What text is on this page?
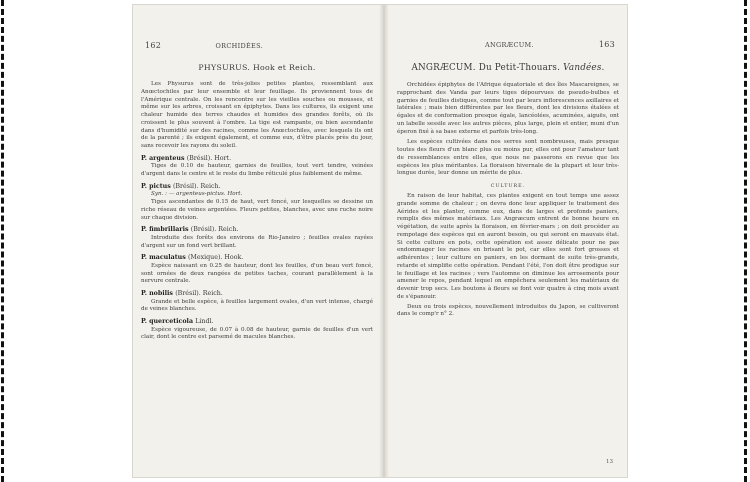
162	ORCHIDÉES.
PHYSURUS. Hook et Reich.

Les Physurus sont de très-jolies petites plantes, ressemblant aux Anœctochiles par leur ensemble et leur feuillage. Ils proviennent tous de l'Amérique centrale. On les rencontre sur les vieilles souches ou mousses, et même sur les arbres, croissant en épiphytes. Dans les cultures, ils exigent une chaleur humide des terres chaudes et humides des grandes forêts, où ils croissent le plus souvent à l'ombre. La tige est rampante, ou bien ascendante dans d'humidité sur des racines, comme les Anœctochiles, avec lesquels ils ont de la parenté ; ils exigent également, et comme eux, d'être placés près du jour, sans recevoir les rayons du soleil.

P. argenteus (Brésil). Hort.

Tiges de 0.10 de hauteur, garnies de feuilles, tout vert tendre, veinées d'argent dans le centre et le reste du limbe réticulé plus faiblement de même.

P. pictus (Brésil). Reich.

Syn. : — argenteus-pictus. Hort.

Tiges ascendantes de 0.15 de haut, vert foncé, sur lesquelles se dessine un riche réseau de veines argentées. Fleurs petites, blanches, avec une ruche noire sur chaque division.

P. fimbrillaris (Brésil). Reich.

Introduite des forêts des environs de Rio-Janeiro ; feuilles ovales rayées d'argent sur un fond vert brillant.

P. maculatus (Mexique). Hook.

Espèce naissant en 0.25 de hauteur, dont les feuilles, d'un beau vert foncé, sont ornées de deux rangées de petites taches, courant parallèlement à la nervure centrale.

P. nobilis (Brésil). Reich.

Grande et belle espèce, à feuilles largement ovales, d'un vert intense, chargé de veines blanches.

P. querceticola Lindl.

Espèce vigoureuse, de 0.07 à 0.08 de hauteur, garnie de feuilles d'un vert clair, dont le centre est parsemé de macules blanches.

ANGRÆCUM.	163
ANGRÆCUM. Du Petit-Thouars. Vandées.

Orchidées épiphytes de l'Afrique équatoriale et des îles Mascareignes, se rapprochant des Vanda par leurs tiges dépourvues de pseudo-bulbes et garnies de feuilles distiques, comme tout par leurs inflorescences axillaires et latérales ; mais bien différentes par les fleurs, dont les divisions étalées et égales et de conformation presque égale, lancéolées, acuminées, aiguës, ont un labelle sessile avec les autres pièces, plus large, plein et entier, muni d'un éperon fixé à sa base externe et parfois très-long.

Les espèces cultivées dans nos serres sont nombreuses, mais presque toutes des fleurs d'un blanc plus ou moins pur, elles ont pour l'amateur tant de ressemblances entre elles, que nous ne passerons en revue que les espèces les plus méritantes. La floraison hivernale de la plupart et leur très-longue durée, leur donne un mérite de plus.

CULTURE.

En raison de leur habitat, ces plantes exigent en tout temps une assez grande somme de chaleur ; on devra donc leur appliquer le traitement des Aérides et les planter, comme eux, dans de larges et profonds paniers, remplis des mêmes matériaux. Les Angræcum entrent de bonne heure en végétation, de suite après la floraison, en février-mars ; on doit procéder au rempotage des espèces qui en auront besoin, ou qui seront en mauvais état. Si cette culture en pots, cette opération est assez délicate pour ne pas endommager les racines en brisant le pot, car elles sont fort grosses et adhérentes ; leur culture en paniers, en les dormant de suite très-grands, retarde et simplifie cette opération. Pendant l'été, l'on doit être prodigue sur le feuillage et les racines ; vers l'automne on diminue les arrosements pour amener le repos, pendant lequel on empêchera seulement les matériaux de devenir trop secs. Les boutons à fleurs se font voir quatre à cinq mois avant de s'épanouir.

Deux ou trois espèces, nouvellement introduites du Japon, se cultiveront dans le comp'r n° 2.

13
